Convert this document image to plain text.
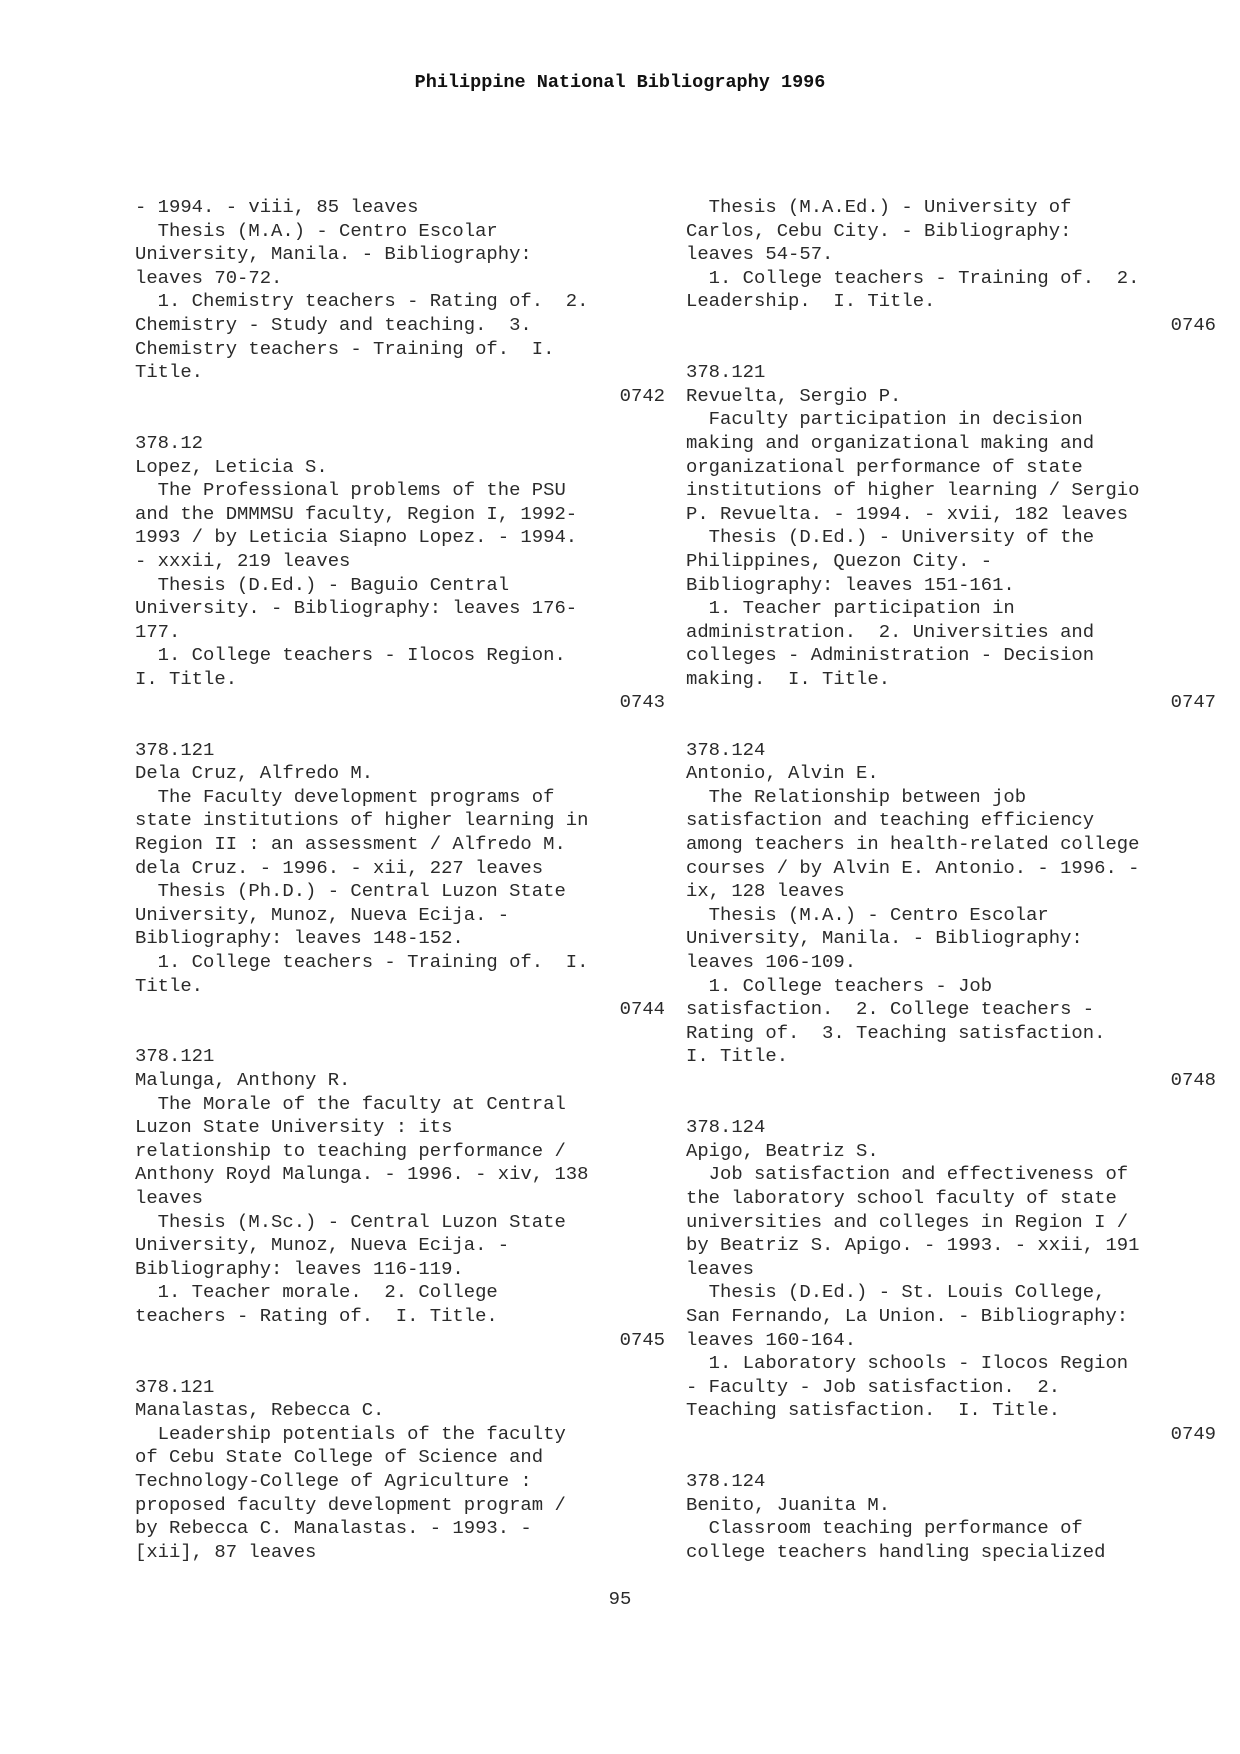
Philippine National Bibliography 1996
- 1994. - viii, 85 leaves
Thesis (M.A.) - Centro Escolar
University, Manila. - Bibliography:
leaves 70-72.
1. Chemistry teachers - Rating of.  2.
Chemistry - Study and teaching.  3.
Chemistry teachers - Training of.  I.
Title.
0742
378.12
Lopez, Leticia S.
The Professional problems of the PSU
and the DMMMSU faculty, Region I, 1992-
1993 / by Leticia Siapno Lopez. - 1994.
- xxxii, 219 leaves
Thesis (D.Ed.) - Baguio Central
University. - Bibliography: leaves 176-
177.
1. College teachers - Ilocos Region.
I. Title.
0743
378.121
Dela Cruz, Alfredo M.
The Faculty development programs of
state institutions of higher learning in
Region II : an assessment / Alfredo M.
dela Cruz. - 1996. - xii, 227 leaves
Thesis (Ph.D.) - Central Luzon State
University, Munoz, Nueva Ecija. -
Bibliography: leaves 148-152.
1. College teachers - Training of.  I.
Title.
0744
378.121
Malunga, Anthony R.
The Morale of the faculty at Central
Luzon State University : its
relationship to teaching performance /
Anthony Royd Malunga. - 1996. - xiv, 138
leaves
Thesis (M.Sc.) - Central Luzon State
University, Munoz, Nueva Ecija. -
Bibliography: leaves 116-119.
1. Teacher morale.  2. College
teachers - Rating of.  I. Title.
0745
378.121
Manalastas, Rebecca C.
Leadership potentials of the faculty
of Cebu State College of Science and
Technology-College of Agriculture :
proposed faculty development program /
by Rebecca C. Manalastas. - 1993. -
[xii], 87 leaves
Thesis (M.A.Ed.) - University of
Carlos, Cebu City. - Bibliography:
leaves 54-57.
1. College teachers - Training of.  2.
Leadership.  I. Title.
0746
378.121
Revuelta, Sergio P.
Faculty participation in decision
making and organizational making and
organizational performance of state
institutions of higher learning / Sergio
P. Revuelta. - 1994. - xvii, 182 leaves
Thesis (D.Ed.) - University of the
Philippines, Quezon City. -
Bibliography: leaves 151-161.
1. Teacher participation in
administration.  2. Universities and
colleges - Administration - Decision
making.  I. Title.
0747
378.124
Antonio, Alvin E.
The Relationship between job
satisfaction and teaching efficiency
among teachers in health-related college
courses / by Alvin E. Antonio. - 1996. -
ix, 128 leaves
Thesis (M.A.) - Centro Escolar
University, Manila. - Bibliography:
leaves 106-109.
1. College teachers - Job
satisfaction.  2. College teachers -
Rating of.  3. Teaching satisfaction.
I. Title.
0748
378.124
Apigo, Beatriz S.
Job satisfaction and effectiveness of
the laboratory school faculty of state
universities and colleges in Region I /
by Beatriz S. Apigo. - 1993. - xxii, 191
leaves
Thesis (D.Ed.) - St. Louis College,
San Fernando, La Union. - Bibliography:
leaves 160-164.
1. Laboratory schools - Ilocos Region
- Faculty - Job satisfaction.  2.
Teaching satisfaction.  I. Title.
0749
378.124
Benito, Juanita M.
Classroom teaching performance of
college teachers handling specialized
95
